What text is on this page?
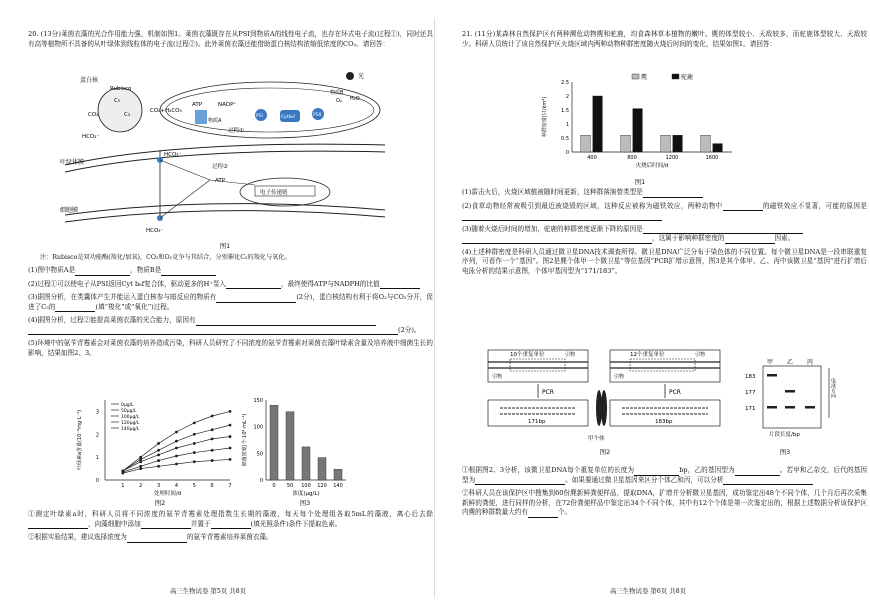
20. (13分)莱茵衣藻的光合作用能力强，机制如图1。莱茵衣藻既存在从PSI到物质A的线性电子流，也存在环式电子流(过程①)，同时还具有高等植物所不具备的从叶绿体到线粒体的电子流(过程②)。此外莱茵衣藻还能借助蛋白核结构浓缩低浓度的CO₂。请回答：
蛋白核
Rubisco
C₅
C₃
CO₂
CO₂+H₂CO₃
HCO₃⁻
HCO₃⁻
HCO₃⁻
ATP	NADP⁺
PSI	Cytb₆f	PSII
光
过程①
过程②
物质A
物质B
H₂O
O₂
叶绿体膜
ATP
电子传递链
细胞膜
图1
注：Rubisco是双功能酶(羧化/加氧)，CO₂和O₂竞争与其结合，分别催化C₅的羧化与氧化。
(1)图中物质A是	，物质B是
(2)过程①可以使电子从PSI返回Cyt b₆f复合体，驱动更多的H⁺泵入	，最终使得ATP与NADPH的比值
(3)据图分析，在类囊体产生并能运入蛋白核参与暗反应的物质有	(2分)，蛋白核结构有利于将O₂与CO₂分开，促进了C₅的	(填“羧化”或“氧化”)过程。
(4)据图分析，过程②能提高莱茵衣藻的光合能力，原因有
(2分)。
(5)环境中的氨苄青霉素会对莱茵衣藻的培养造成污染，科研人员研究了不同浓度的氨苄青霉素对莱茵衣藻叶绿素含量及培养液中细菌生长的影响，结果如图2、3。
0
1
2
3
1	2	3	4	5	6	7
处理时间/d
叶绿素a含量(10⁻³mg·L⁻¹)
0μg/L
50μg/L
100μg/L
120μg/L
140μg/L
图2
0
50
100
150
0 50 100 120 140
浓度(μg/L)
细菌密度(个·10⁴·mL⁻¹)
图3
①测定叶绿素a时，科研人员将不同浓度的氨苄青霉素处理指数生长期的藻液，每天每个处理组各取5mL的藻液，离心后去除，向藻细胞中添加	并置于	(填光照条件)条件下提取色素。
②根据实验结果，建议选择浓度为	的氨苄青霉素培养莱茵衣藻。
高三生物试卷 第5页 共8页
21. (11分)某森林自然保护区有两种濒危动物麂和驼鹿，均食森林草本植物的嫩叶。麂的体型较小、天敌较多，而驼鹿体型较大、天敌较少。科研人员统计了该自然保护区火烧区域内两种动物种群密度随火烧后时间的变化，结果如图1。请回答：
0
0.5
1
1.5
2
2.5
400	800	1200	1600
麂	驼鹿
火烧后时间/d
种群密度(只/km²)
图1
(1)雷击火后，火烧区域植被随时间更新，这种群落演替类型是
(2)食草动物经常被吸引到最近被烧毁的区域，这种反应被称为磁铁效应，两种动物中	的磁铁效应不显著，可能的原因是
(3)随着火烧后时间的增加，驼鹿的种群密度逐渐下降的原因是
，这属于影响种群密度的	因素。
(4)上述种群密度是科研人员通过微卫星DNA技术调查所得。微卫星DNA广泛分布于染色体的不同位置。每个微卫星DNA是一段串联重复序列，可看作一个“基因”。图2是麂个体甲一个微卫星“等位基因”PCR扩增示意图，图3是其个体甲、乙、丙中该微卫星“基因”进行扩增后电泳分析的结果示意图，个体甲基因型为“171/183”。
10个重复单位	12个重复单位
引物
引物
引物
引物
PCR	PCR
171bp	183bp
甲个体
图2
甲 乙 丙
183
177
171
电泳方向
片段长度/bp
图3
①根据图2、3分析，该微卫星DNA每个重复单位的长度为	bp，乙的基因型为	。若甲和乙杂交，后代的基因型为	。如果要通过微卫星基因来区分个体乙和丙，可以分析
②科研人员在该保护区中搜集到60份麂新鲜粪便样品，提取DNA，扩增并分析微卫星基因，成功鉴定出48个不同个体，几个月后再次采集新鲜的粪便，进行同样的分析，在72份粪便样品中鉴定出34个不同个体，其中有12个个体是第一次鉴定出的，根据上述数据分析该保护区内麂的种群数量大约有	个。
高三生物试卷 第6页 共8页
